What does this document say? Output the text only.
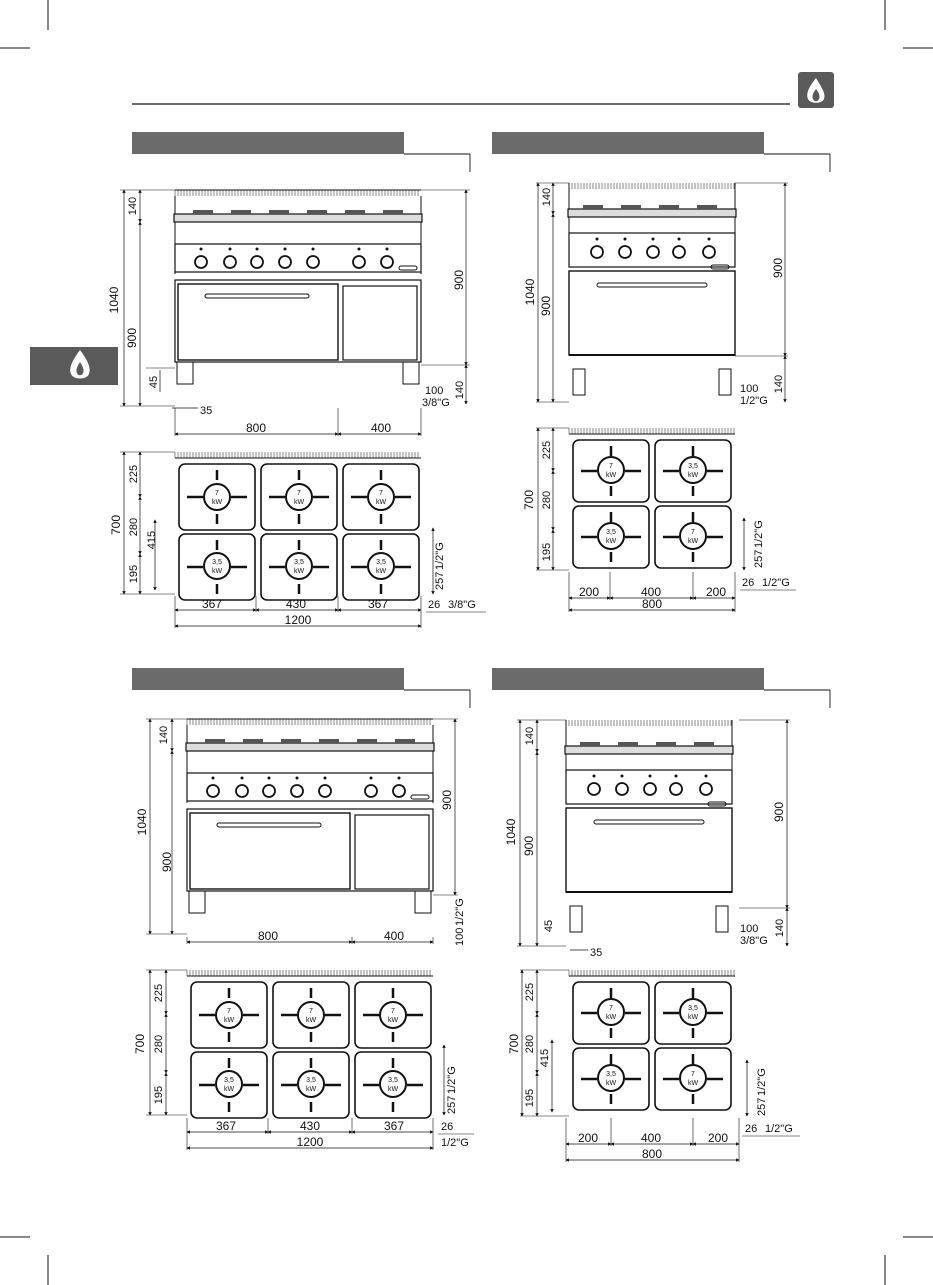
1040
140
900
45
35
900
140
100
3/8"G
800	400
7
kW
3,5
kW
7
kW
3,5
kW
7
kW
3,5
kW
700
225
280
195
415
257
1/2"G
367	430	367
1200
26 3/8"G
1040
140
900
900
140
100
1/2"G
7
kW
3,5
kW
3,5
kW
7
kW
700
225
280
195	257
1/2"G
200	400	200
800
26 1/2"G
1040
140
900
900
100
1/2"G
800	400
7
kW
3,5
kW
7
kW
3,5
kW
7
kW
3,5
kW
700
225
280
195
257
1/2"G
367	430	367
1200
26
1/2"G
1040
140
900
45
35
900
140
100
3/8"G
7
kW
3,5
kW
3,5
kW
7
kW
700
225
280
195
415
257
1/2"G
200	400	200
800
26 1/2"G
